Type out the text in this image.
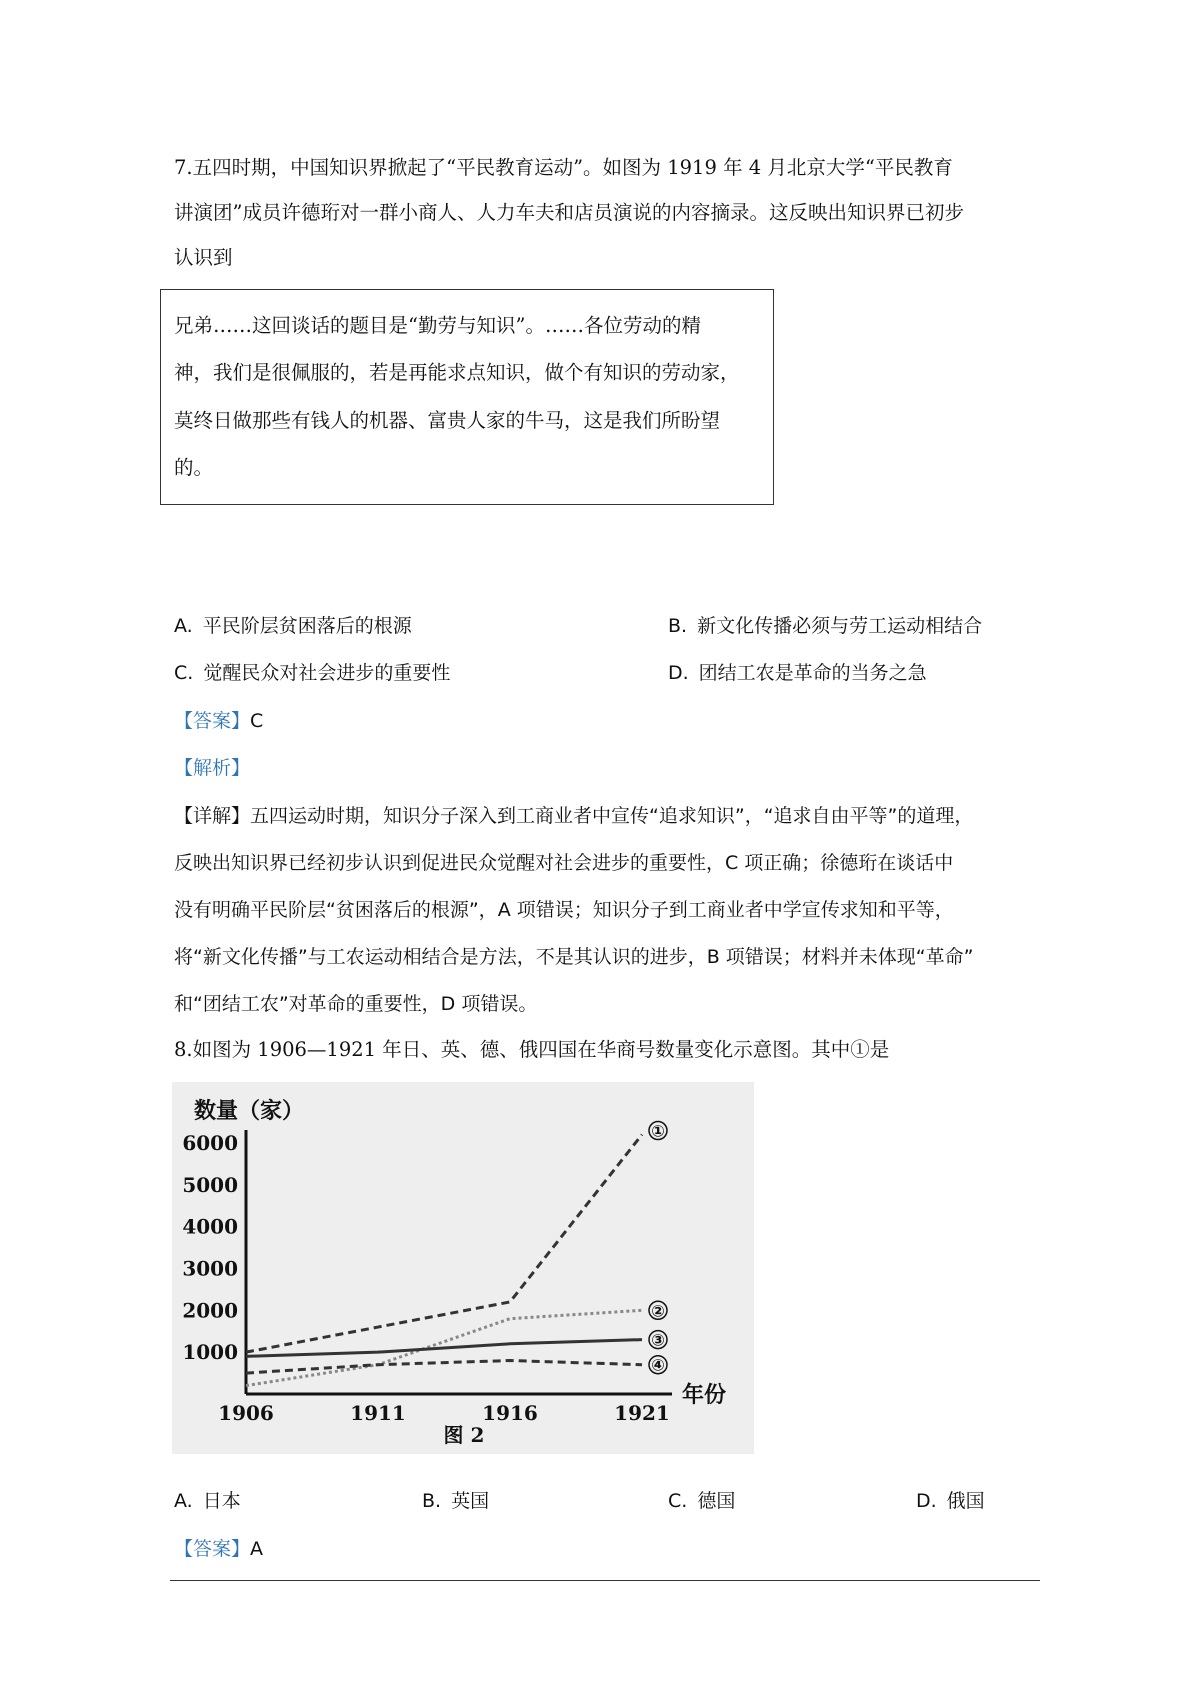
7.五四时期，中国知识界掀起了“平民教育运动”。如图为 1919 年 4 月北京大学“平民教育
讲演团”成员许德珩对一群小商人、人力车夫和店员演说的内容摘录。这反映出知识界已初步
认识到
兄弟……这回谈话的题目是“勤劳与知识”。……各位劳动的精
神，我们是很佩服的，若是再能求点知识，做个有知识的劳动家，
莫终日做那些有钱人的机器、富贵人家的牛马，这是我们所盼望
的。
A. 平民阶层贫困落后的根源	B. 新文化传播必须与劳工运动相结合
C. 觉醒民众对社会进步的重要性	D. 团结工农是革命的当务之急
【答案】C
【解析】
【详解】五四运动时期，知识分子深入到工商业者中宣传“追求知识”，“追求自由平等”的道理，
反映出知识界已经初步认识到促进民众觉醒对社会进步的重要性，C 项正确；徐德珩在谈话中
没有明确平民阶层“贫困落后的根源”，A 项错误；知识分子到工商业者中学宣传求知和平等，
将“新文化传播”与工农运动相结合是方法，不是其认识的进步，B 项错误；材料并未体现“革命”
和“团结工农”对革命的重要性，D 项错误。
8.如图为 1906—1921 年日、英、德、俄四国在华商号数量变化示意图。其中①是
数量（家）
年份
图 2
1000
2000
3000
4000
5000
6000
1906	1911	1916	1921
①
②
③
④
A. 日本	B. 英国	C. 德国	D. 俄国
【答案】A
